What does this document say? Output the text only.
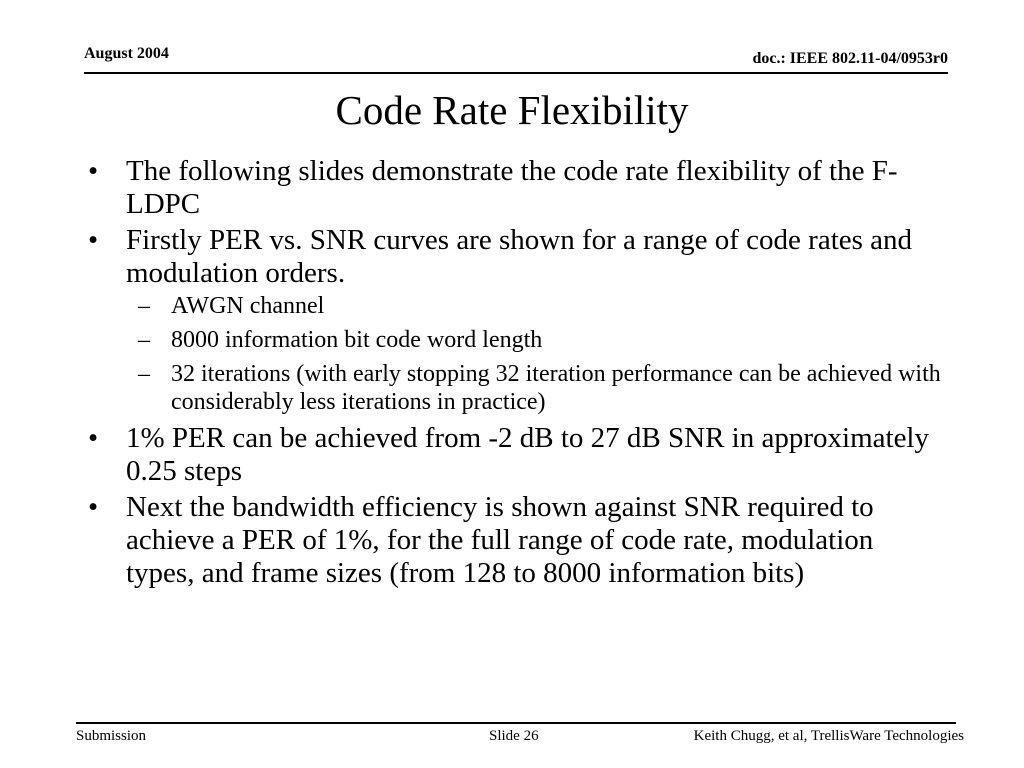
August 2004	doc.: IEEE 802.11-04/0953r0
Code Rate Flexibility
• The following slides demonstrate the code rate flexibility of the F-LDPC
• Firstly PER vs. SNR curves are shown for a range of code rates and modulation orders.
– AWGN channel
– 8000 information bit code word length
– 32 iterations (with early stopping 32 iteration performance can be achieved with considerably less iterations in practice)
• 1% PER can be achieved from -2 dB to 27 dB SNR in approximately 0.25 steps
• Next the bandwidth efficiency is shown against SNR required to achieve a PER of 1%, for the full range of code rate, modulation types, and frame sizes (from 128 to 8000 information bits)
Submission	Slide 26	Keith Chugg, et al, TrellisWare Technologies
